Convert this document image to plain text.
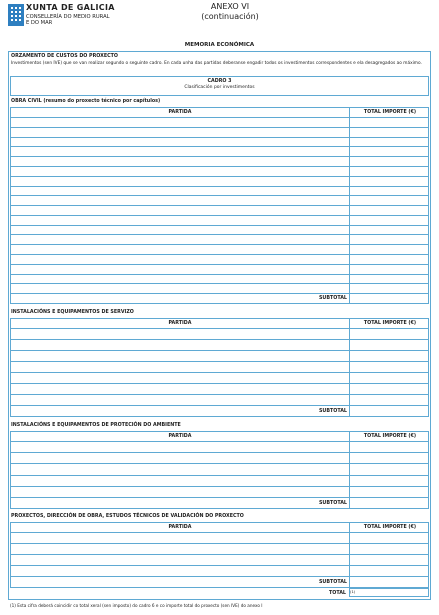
XUNTA DE GALICIA
CONSELLERÍA DO MEDIO RURAL
E DO MAR
ANEXO VI
(continuación)
MEMORIA ECONÓMICA
ORZAMENTO DE CUSTOS DO PROXECTO
Investimentos (sen IVE) que se van realizar segundo o seguinte cadro. En cada unha das partidas deberanse engadir todos os investimentos correspondentes e ela desagregados ao máximo.
CADRO 3
Clasificación por investimentos
OBRA CIVIL (resumo do proxecto técnico por capítulos)
PARTIDA	TOTAL IMPORTE (€)
SUBTOTAL
INSTALACIÓNS E EQUIPAMENTOS DE SERVIZO
PARTIDA	TOTAL IMPORTE (€)
SUBTOTAL
INSTALACIÓNS E EQUIPAMENTOS DE PROTECIÓN DO AMBIENTE
PARTIDA	TOTAL IMPORTE (€)
SUBTOTAL
PROXECTOS, DIRECCIÓN DE OBRA, ESTUDOS TÉCNICOS DE VALIDACIÓN DO PROXECTO
PARTIDA	TOTAL IMPORTE (€)
SUBTOTAL
TOTAL (1)
(1) Esta cifra deberá coincidir co total xeral (sen imposto) do cadro 6 e co importe total do proxecto (sen IVE) do anexo I
